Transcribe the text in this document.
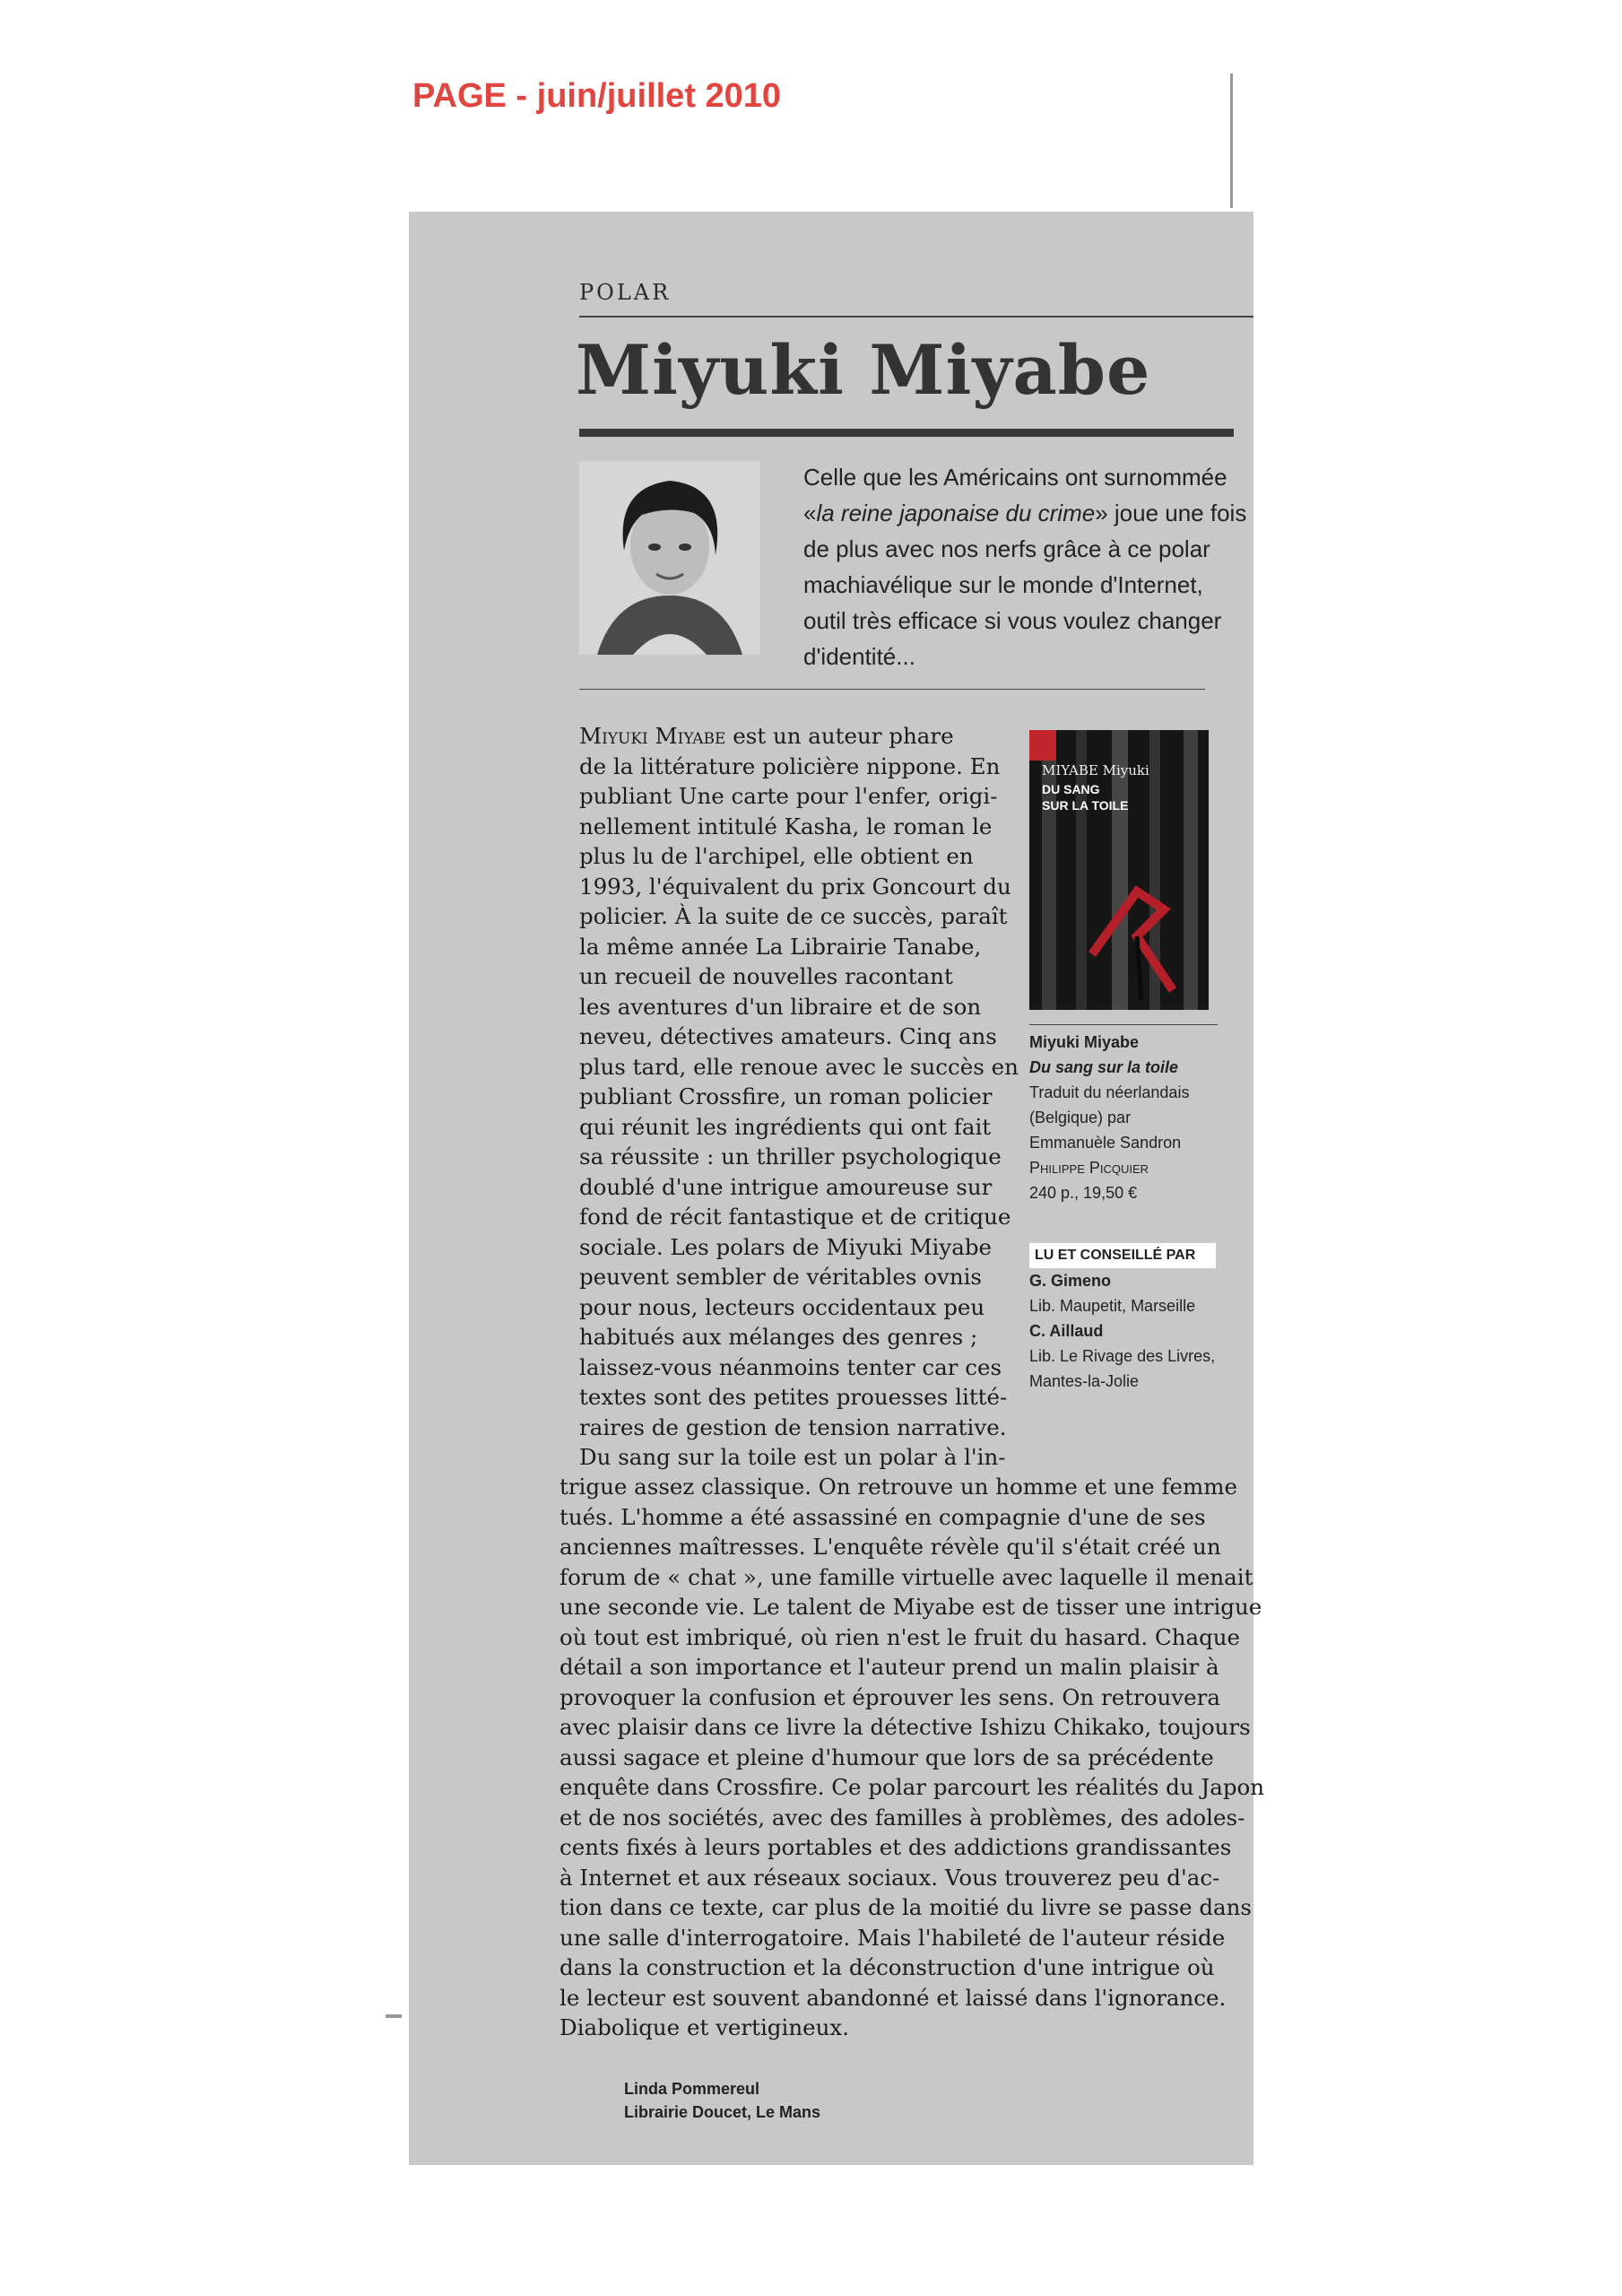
PAGE - juin/juillet 2010
POLAR
Miyuki Miyabe
Celle que les Américains ont surnommée «la reine japonaise du crime» joue une fois de plus avec nos nerfs grâce à ce polar machiavélique sur le monde d'Internet, outil très efficace si vous voulez changer d'identité...
Miyuki Miyabe est un auteur phare
de la littérature policière nippone. En
publiant Une carte pour l'enfer, origi-
nellement intitulé Kasha, le roman le
plus lu de l'archipel, elle obtient en
1993, l'équivalent du prix Goncourt du
policier. À la suite de ce succès, paraît
la même année La Librairie Tanabe,
un recueil de nouvelles racontant
les aventures d'un libraire et de son
neveu, détectives amateurs. Cinq ans
plus tard, elle renoue avec le succès en
publiant Crossfire, un roman policier
qui réunit les ingrédients qui ont fait
sa réussite : un thriller psychologique
doublé d'une intrigue amoureuse sur
fond de récit fantastique et de critique
sociale. Les polars de Miyuki Miyabe
peuvent sembler de véritables ovnis
pour nous, lecteurs occidentaux peu
habitués aux mélanges des genres ;
laissez-vous néanmoins tenter car ces
textes sont des petites prouesses litté-
raires de gestion de tension narrative.
Du sang sur la toile est un polar à l'in-
trigue assez classique. On retrouve un homme et une femme
tués. L'homme a été assassiné en compagnie d'une de ses
anciennes maîtresses. L'enquête révèle qu'il s'était créé un
forum de « chat », une famille virtuelle avec laquelle il menait
une seconde vie. Le talent de Miyabe est de tisser une intrigue
où tout est imbriqué, où rien n'est le fruit du hasard. Chaque
détail a son importance et l'auteur prend un malin plaisir à
provoquer la confusion et éprouver les sens. On retrouvera
avec plaisir dans ce livre la détective Ishizu Chikako, toujours
aussi sagace et pleine d'humour que lors de sa précédente
enquête dans Crossfire. Ce polar parcourt les réalités du Japon
et de nos sociétés, avec des familles à problèmes, des adoles-
cents fixés à leurs portables et des addictions grandissantes
à Internet et aux réseaux sociaux. Vous trouverez peu d'ac-
tion dans ce texte, car plus de la moitié du livre se passe dans
une salle d'interrogatoire. Mais l'habileté de l'auteur réside
dans la construction et la déconstruction d'une intrigue où
le lecteur est souvent abandonné et laissé dans l'ignorance.
Diabolique et vertigineux.
MIYABE Miyuki
DU SANG
SUR LA TOILE
Miyuki Miyabe
Du sang sur la toile
Traduit du néerlandais
(Belgique) par
Emmanuèle Sandron
Philippe Picquier
240 p., 19,50 €
LU ET CONSEILLÉ PAR
G. Gimeno
Lib. Maupetit, Marseille
C. Aillaud
Lib. Le Rivage des Livres,
Mantes-la-Jolie
Linda Pommereul
Librairie Doucet, Le Mans
